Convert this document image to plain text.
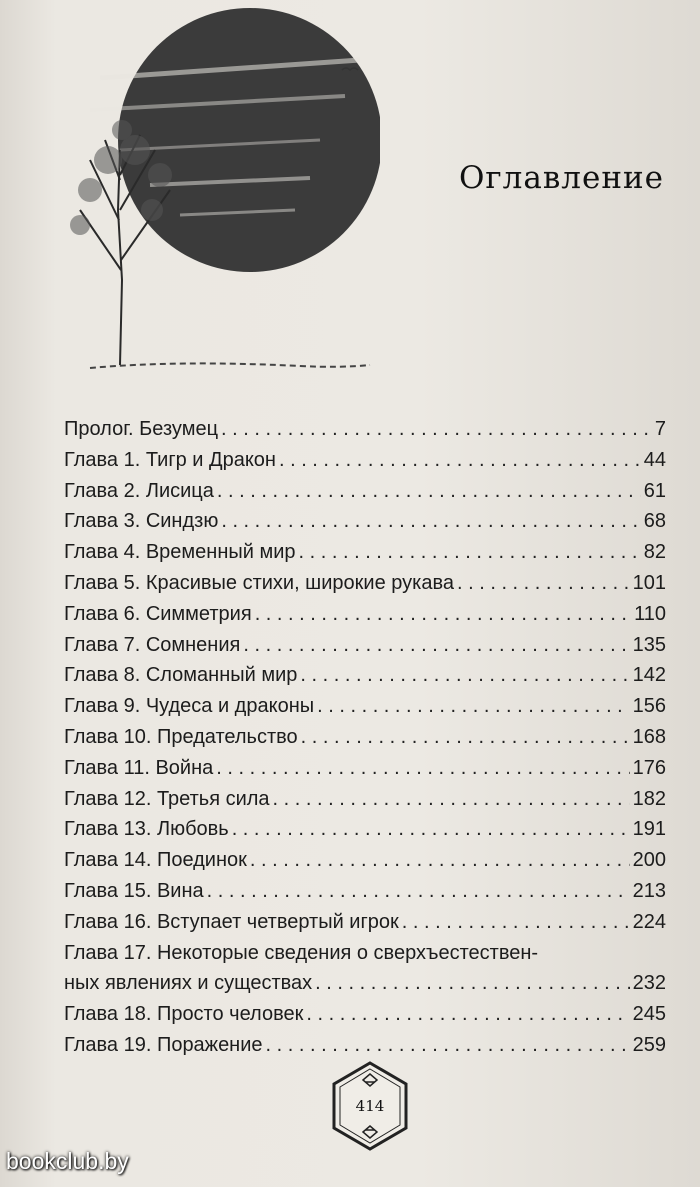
Оглавление
Пролог. Безумец . . .	7
Глава 1. Тигр и Дракон . . .	44
Глава 2. Лисица . . .	61
Глава 3. Синдзю . . .	68
Глава 4. Временный мир . . .	82
Глава 5. Красивые стихи, широкие рукава . . .	101
Глава 6. Симметрия . . .	110
Глава 7. Сомнения . . .	135
Глава 8. Сломанный мир . . .	142
Глава 9. Чудеса и драконы . . .	156
Глава 10. Предательство . . .	168
Глава 11. Война . . .	176
Глава 12. Третья сила . . .	182
Глава 13. Любовь . . .	191
Глава 14. Поединок . . .	200
Глава 15. Вина . . .	213
Глава 16. Вступает четвертый игрок . . .	224
Глава 17. Некоторые сведения о сверхъестествен-
ных явлениях и существах . . .	232
Глава 18. Просто человек . . .	245
Глава 19. Поражение . . .	259
414
bookclub.by
